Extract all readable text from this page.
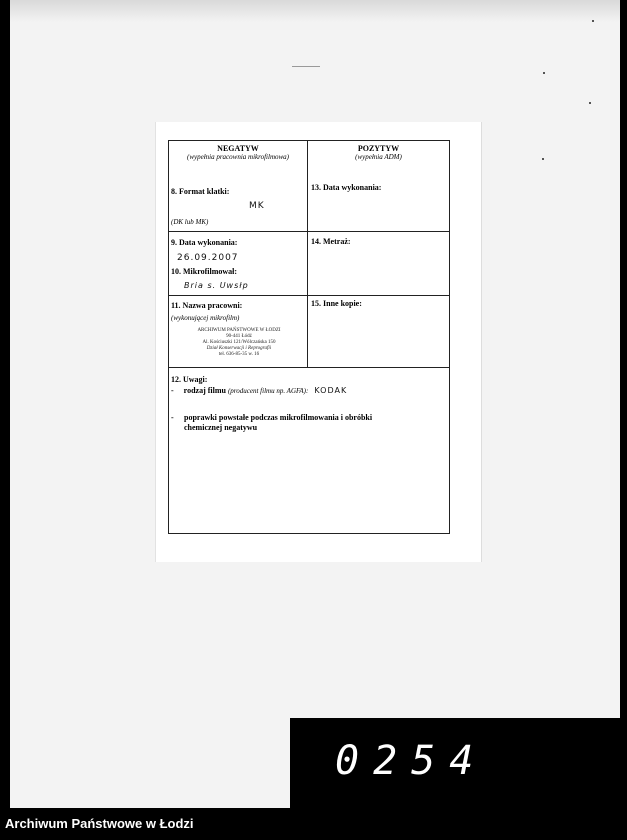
NEGATYW
(wypełnia pracownia mikrofilmowa)
POZYTYW
(wypełnia ADM)
8. Format klatki:
MK
(DK lub MK)
13. Data wykonania:
9. Data wykonania:
26.09.2007
10. Mikrofilmował:
Bria s. Uwsłp
14. Metraż:
11. Nazwa pracowni:
(wykonującej mikrofilm)
ARCHIWUM PAŃSTWOWE W ŁODZI
90-441 Łódź
Al. Kościuszki 121/Wólczańska 150
Dział Konserwacji i Reprografii
tel. 636-85-35 w. 16
15. Inne kopie:
12. Uwagi:
- rodzaj filmu (producent filmu np. AGFA): KODAK
- poprawki powstałe podczas mikrofilmowania i obróbki chemicznej negatywu
0254
Archiwum Państwowe w Łodzi
